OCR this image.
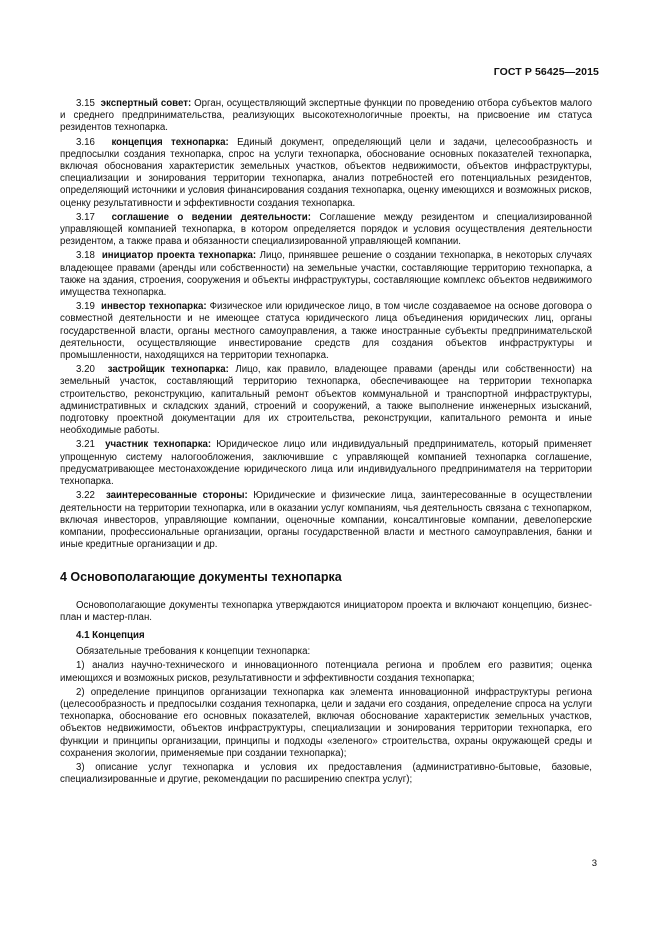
ГОСТ Р 56425—2015

3.15 экспертный совет: Орган, осуществляющий экспертные функции по проведению отбора субъектов малого и среднего предпринимательства, реализующих высокотехнологичные проекты, на присвоение им статуса резидентов технопарка.

3.16 концепция технопарка: Единый документ, определяющий цели и задачи, целесообразность и предпосылки создания технопарка, спрос на услуги технопарка, обоснование основных показателей технопарка, включая обоснования характеристик земельных участков, объектов недвижимости, объектов инфраструктуры, специализации и зонирования территории технопарка, анализ потребностей его потенциальных резидентов, определяющий источники и условия финансирования создания технопарка, оценку имеющихся и возможных рисков, оценку результативности и эффективности создания технопарка.

3.17 соглашение о ведении деятельности: Соглашение между резидентом и специализированной управляющей компанией технопарка, в котором определяется порядок и условия осуществления деятельности резидентом, а также права и обязанности специализированной управляющей компании.

3.18 инициатор проекта технопарка: Лицо, принявшее решение о создании технопарка, в некоторых случаях владеющее правами (аренды или собственности) на земельные участки, составляющие территорию технопарка, а также на здания, строения, сооружения и объекты инфраструктуры, составляющие комплекс объектов недвижимого имущества технопарка.

3.19 инвестор технопарка: Физическое или юридическое лицо, в том числе создаваемое на основе договора о совместной деятельности и не имеющее статуса юридического лица объединения юридических лиц, органы государственной власти, органы местного самоуправления, а также иностранные субъекты предпринимательской деятельности, осуществляющие инвестирование средств для создания объектов инфраструктуры и промышленности, находящихся на территории технопарка.

3.20 застройщик технопарка: Лицо, как правило, владеющее правами (аренды или собственности) на земельный участок, составляющий территорию технопарка, обеспечивающее на территории технопарка строительство, реконструкцию, капитальный ремонт объектов коммунальной и транспортной инфраструктуры, административных и складских зданий, строений и сооружений, а также выполнение инженерных изысканий, подготовку проектной документации для их строительства, реконструкции, капитального ремонта и иные необходимые работы.

3.21 участник технопарка: Юридическое лицо или индивидуальный предприниматель, который применяет упрощенную систему налогообложения, заключившие с управляющей компанией технопарка соглашение, предусматривающее местонахождение юридического лица или индивидуального предпринимателя на территории технопарка.

3.22 заинтересованные стороны: Юридические и физические лица, заинтересованные в осуществлении деятельности на территории технопарка, или в оказании услуг компаниям, чья деятельность связана с технопарком, включая инвесторов, управляющие компании, оценочные компании, консалтинговые компании, девелоперские компании, профессиональные организации, органы государственной власти и местного самоуправления, банки и иные кредитные организации и др.

4 Основополагающие документы технопарка

Основополагающие документы технопарка утверждаются инициатором проекта и включают концепцию, бизнес-план и мастер-план.

4.1 Концепция

Обязательные требования к концепции технопарка:

1) анализ научно-технического и инновационного потенциала региона и проблем его развития; оценка имеющихся и возможных рисков, результативности и эффективности создания технопарка;

2) определение принципов организации технопарка как элемента инновационной инфраструктуры региона (целесообразность и предпосылки создания технопарка, цели и задачи его создания, определение спроса на услуги технопарка, обоснование его основных показателей, включая обоснование характеристик земельных участков, объектов недвижимости, объектов инфраструктуры, специализации и зонирования территории технопарка, его функции и принципы организации, принципы и подходы «зеленого» строительства, охраны окружающей среды и сохранения экологии, применяемые при создании технопарка);

3) описание услуг технопарка и условия их предоставления (административно-бытовые, базовые, специализированные и другие, рекомендации по расширению спектра услуг);

3
